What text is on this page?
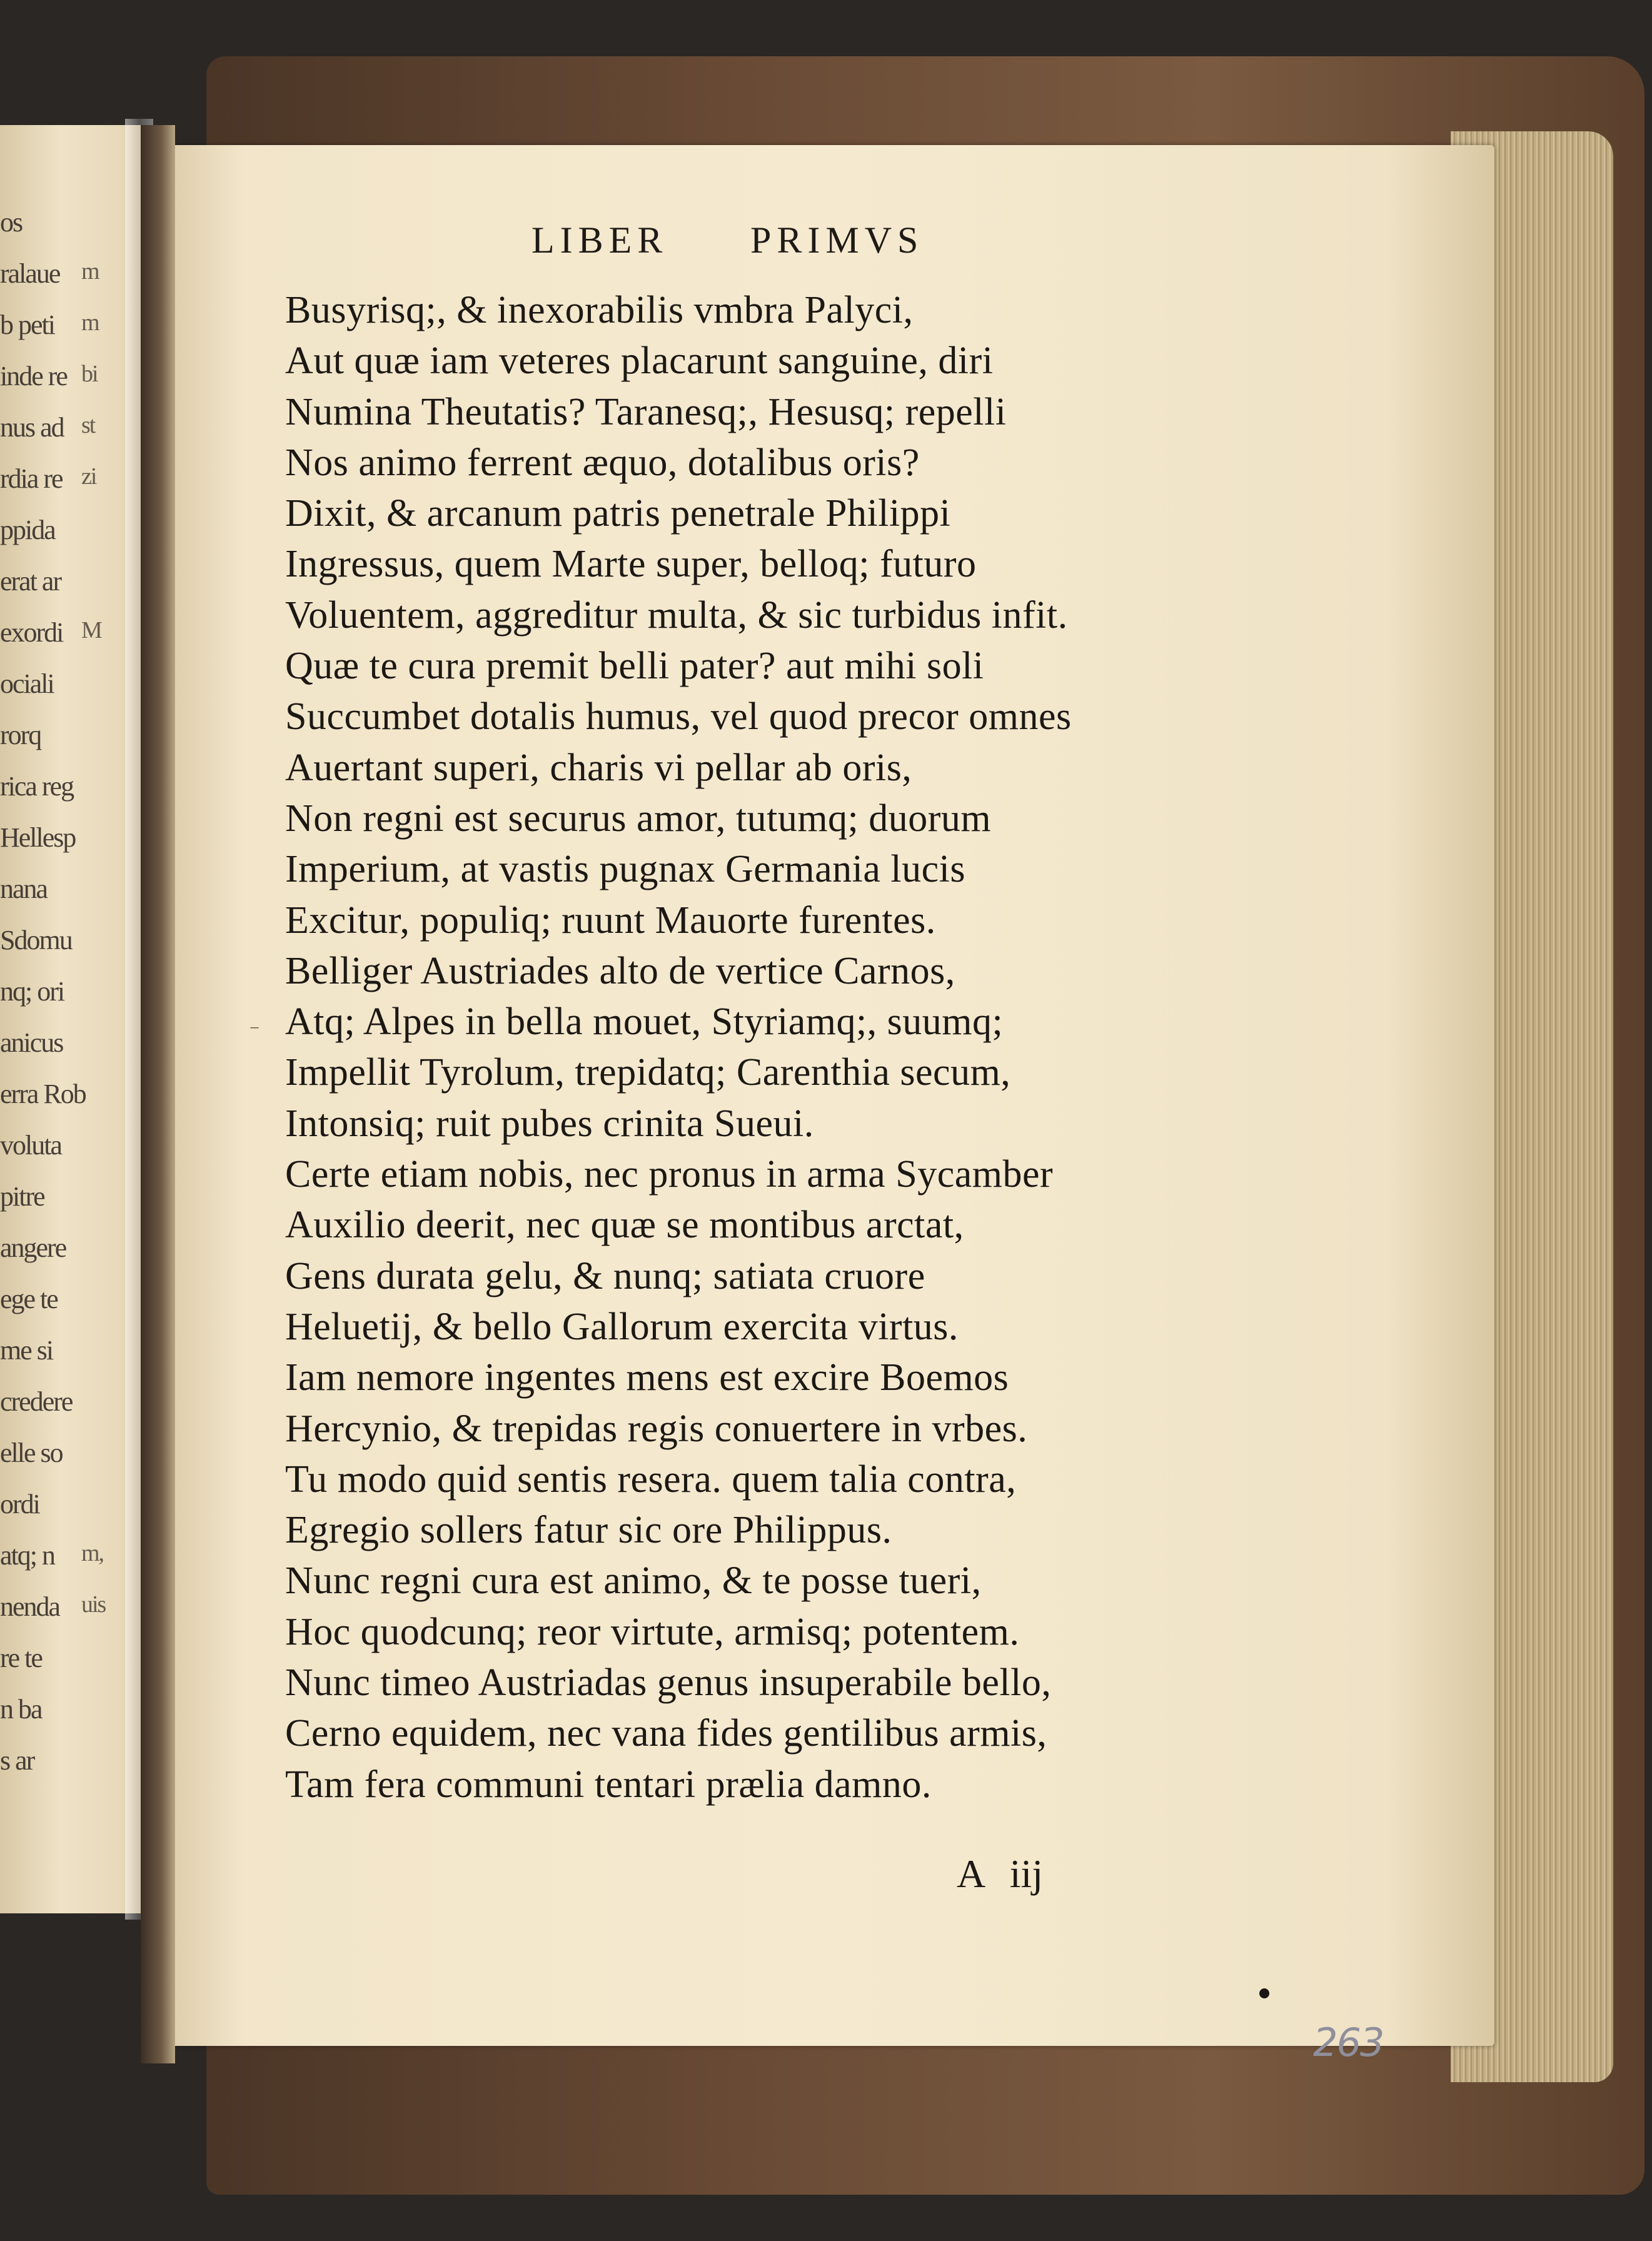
os
ralaue m
b peti m
inde re bi
nus ad st
rdia re zi
ppida
erat ar
exordi M
ociali
rorq
rica reg
Hellesp
nana
Sdomu
nq; ori
anicus
erra Rob
voluta
pitre
angere
ege te
me si
credere
elle so
ordi
atq; n m,
nenda uis
re te
n ba
s ar
LIBER PRIMVS
Busyrisq;, & inexorabilis vmbra Palyci,
Aut quæ iam veteres placarunt sanguine, diri
Numina Theutatis? Taranesq;, Hesusq; repelli
Nos animo ferrent æquo, dotalibus oris?
Dixit, & arcanum patris penetrale Philippi
Ingressus, quem Marte super, belloq; futuro
Voluentem, aggreditur multa, & sic turbidus infit.
Quæ te cura premit belli pater? aut mihi soli
Succumbet dotalis humus, vel quod precor omnes
Auertant superi, charis vi pellar ab oris,
Non regni est securus amor, tutumq; duorum
Imperium, at vastis pugnax Germania lucis
Excitur, populiq; ruunt Mauorte furentes.
Belliger Austriades alto de vertice Carnos,
Atq; Alpes in bella mouet, Styriamq;, suumq;
Impellit Tyrolum, trepidatq; Carenthia secum,
Intonsiq; ruit pubes crinita Sueui.
Certe etiam nobis, nec pronus in arma Sycamber
Auxilio deerit, nec quæ se montibus arctat,
Gens durata gelu, & nunq; satiata cruore
Heluetij, & bello Gallorum exercita virtus.
Iam nemore ingentes mens est excire Boemos
Hercynio, & trepidas regis conuertere in vrbes.
Tu modo quid sentis resera. quem talia contra,
Egregio sollers fatur sic ore Philippus.
Nunc regni cura est animo, & te posse tueri,
Hoc quodcunq; reor virtute, armisq; potentem.
Nunc timeo Austriadas genus insuperabile bello,
Cerno equidem, nec vana fides gentilibus armis,
Tam fera communi tentari prælia damno.
⁻
A iij
263
